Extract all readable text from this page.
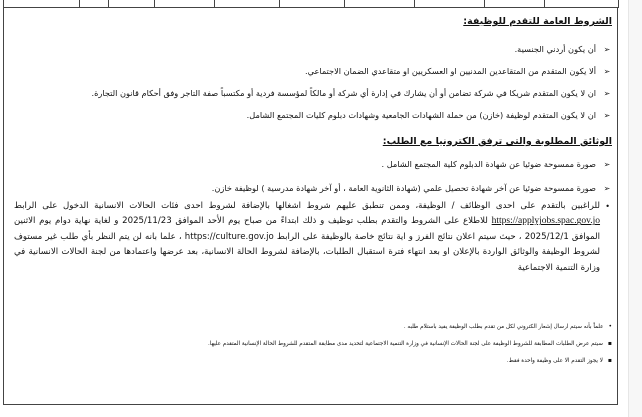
الشروط العامة للتقدم للوظيفة:
➢أن يكون أردني الجنسية.
➢ألا يكون المتقدم من المتقاعدين المدنيين او العسكريين او متقاعدي الضمان الاجتماعي.
➢ان لا يكون المتقدم شريكا في شركة تضامن أو أن يشارك في إدارة أي شركة أو مالكاً لمؤسسة فردية أو مكتسباً صفة التاجر وفق أحكام قانون التجارة.
➢ان لا يكون المتقدم لوظيفة (خازن) من حملة الشهادات الجامعية وشهادات دبلوم كليات المجتمع الشامل.
الوثائق المطلوبة والتي ترفق الكترونيا مع الطلب:
➢صورة ممسوحة ضوئيا عن شهادة الدبلوم كلية المجتمع الشامل .
➢صورة ممسوحة ضوئيا عن آخر شهادة تحصيل علمي (شهادة الثانوية العامة ، أو آخر شهادة مدرسية ) لوظيفة خازن.
•
للراغبين بالتقدم على احدى الوظائف / الوظيفة، وممن تنطبق عليهم شروط اشغالها بالإضافة لشروط احدى فئات الحالات الانسانية الدخول على الرابط https://applyjobs.spac.gov.jo للاطلاع على الشروط والتقدم بطلب توظيف و ذلك ابتداءً من صباح يوم الأحد الموافق 2025/11/23 و لغاية نهاية دوام يوم الاثنين الموافق 2025/12/1 ، حيث سيتم اعلان نتائج الفرز و اية نتائج خاصة بالوظيفة على الرابط https://culture.gov.jo ، علما بانه لن يتم النظر بأي طلب غير مستوف لشروط الوظيفة والوثائق الواردة بالإعلان او بعد انتهاء فترة استقبال الطلبات، بالإضافة لشروط الحالة الانسانية، بعد عرضها واعتمادها من لجنة الحالات الانسانية في وزارة التنمية الاجتماعية
•علماً بأنه سيتم ارسال إشعار الكتروني لكل من تقدم بطلب الوظيفة يفيد باستلام طلبه .
▪سيتم عرض الطلبات المطابقة للشروط الوظيفة على لجنة الحالات الإنسانية في وزارة التنمية الاجتماعية لتحديد مدى مطابقة المتقدم للشروط الحالة الإنسانية المتقدم عليها.
▪لا يجوز التقدم الا على وظيفة واحدة فقط.
